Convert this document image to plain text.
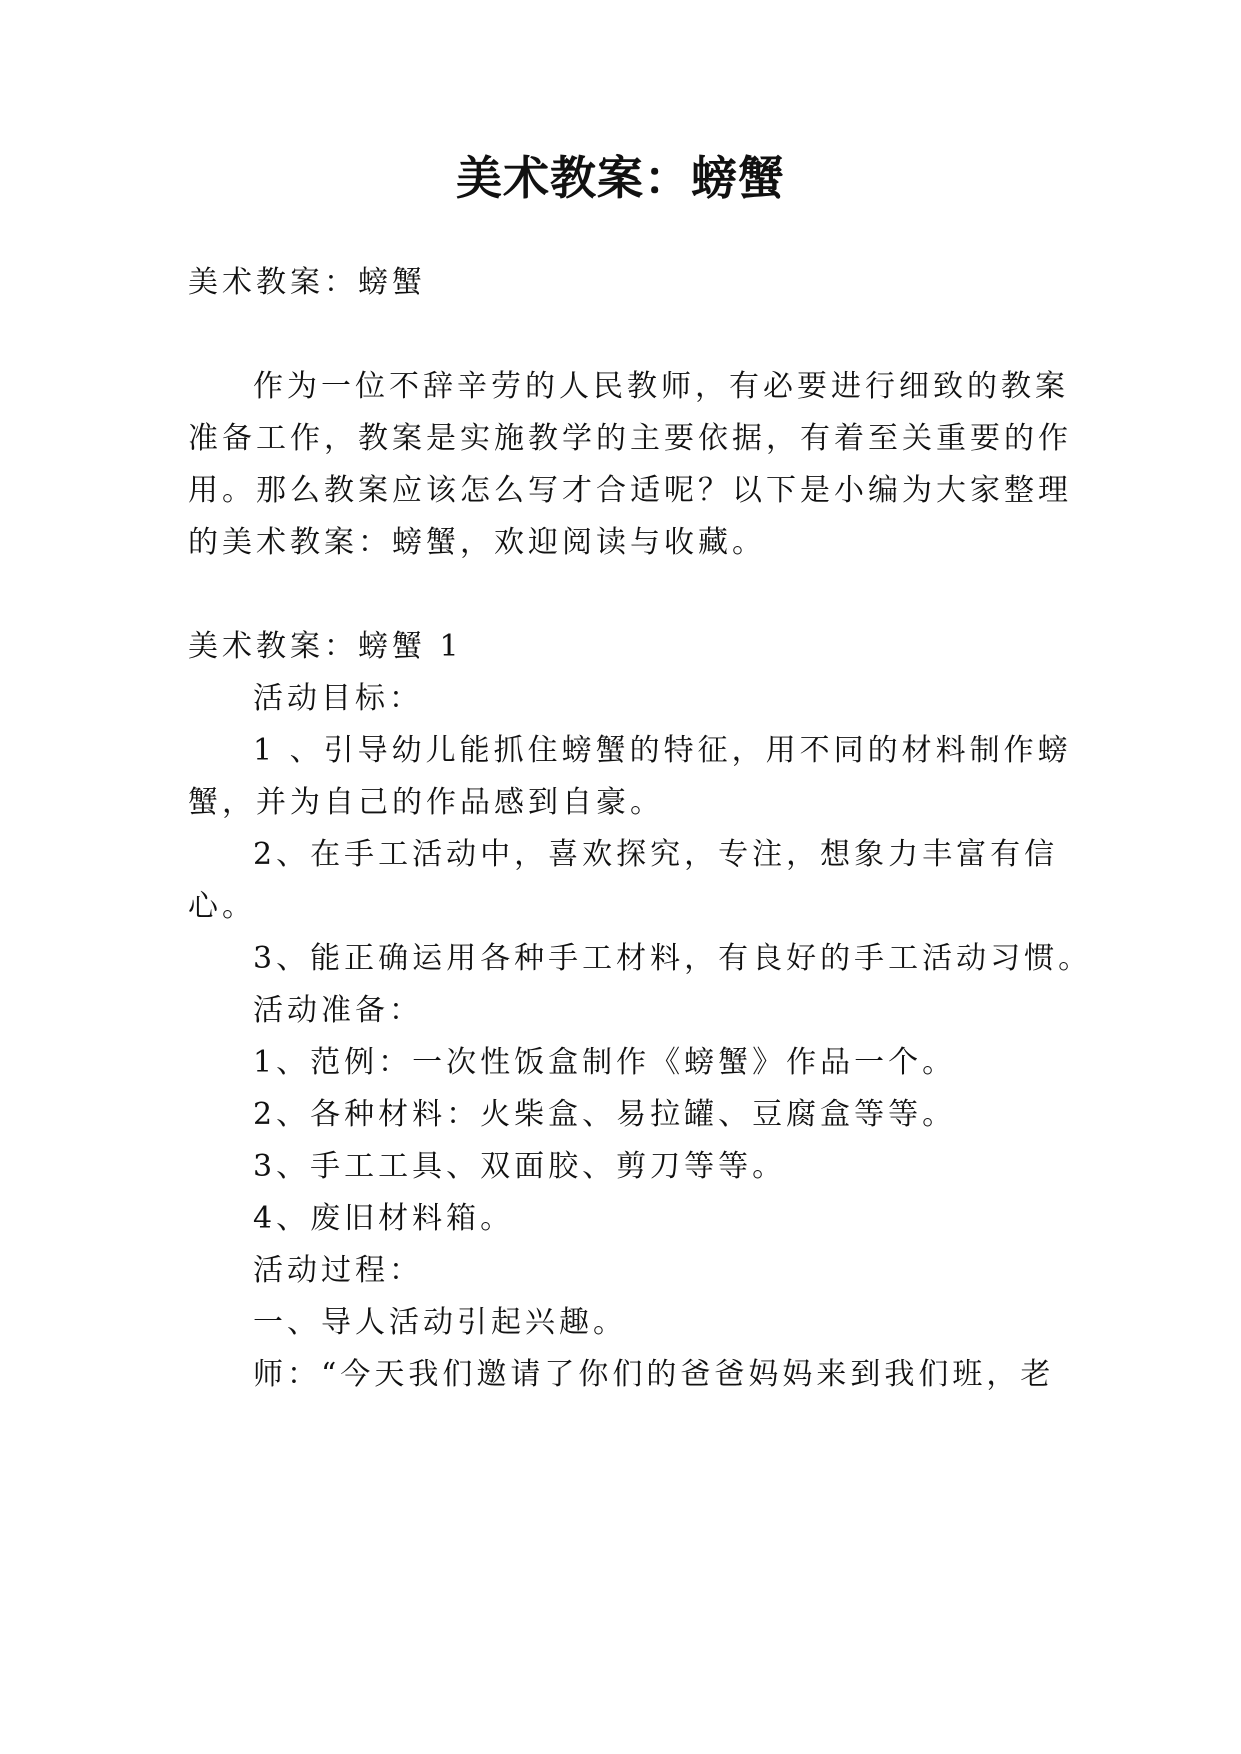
美术教案：螃蟹

美术教案：螃蟹

作为一位不辞辛劳的人民教师，有必要进行细致的教案

准备工作，教案是实施教学的主要依据，有着至关重要的作

用。那么教案应该怎么写才合适呢？以下是小编为大家整理

的美术教案：螃蟹，欢迎阅读与收藏。

美术教案：螃蟹 1

活动目标：

1 、引导幼儿能抓住螃蟹的特征，用不同的材料制作螃

蟹，并为自己的作品感到自豪。

2、在手工活动中，喜欢探究，专注，想象力丰富有信

心。

3、能正确运用各种手工材料，有良好的手工活动习惯。

活动准备：

1、范例：一次性饭盒制作《螃蟹》作品一个。

2、各种材料：火柴盒、易拉罐、豆腐盒等等。

3、手工工具、双面胶、剪刀等等。

4、废旧材料箱。

活动过程：

一、导人活动引起兴趣。

师：“今天我们邀请了你们的爸爸妈妈来到我们班，老
